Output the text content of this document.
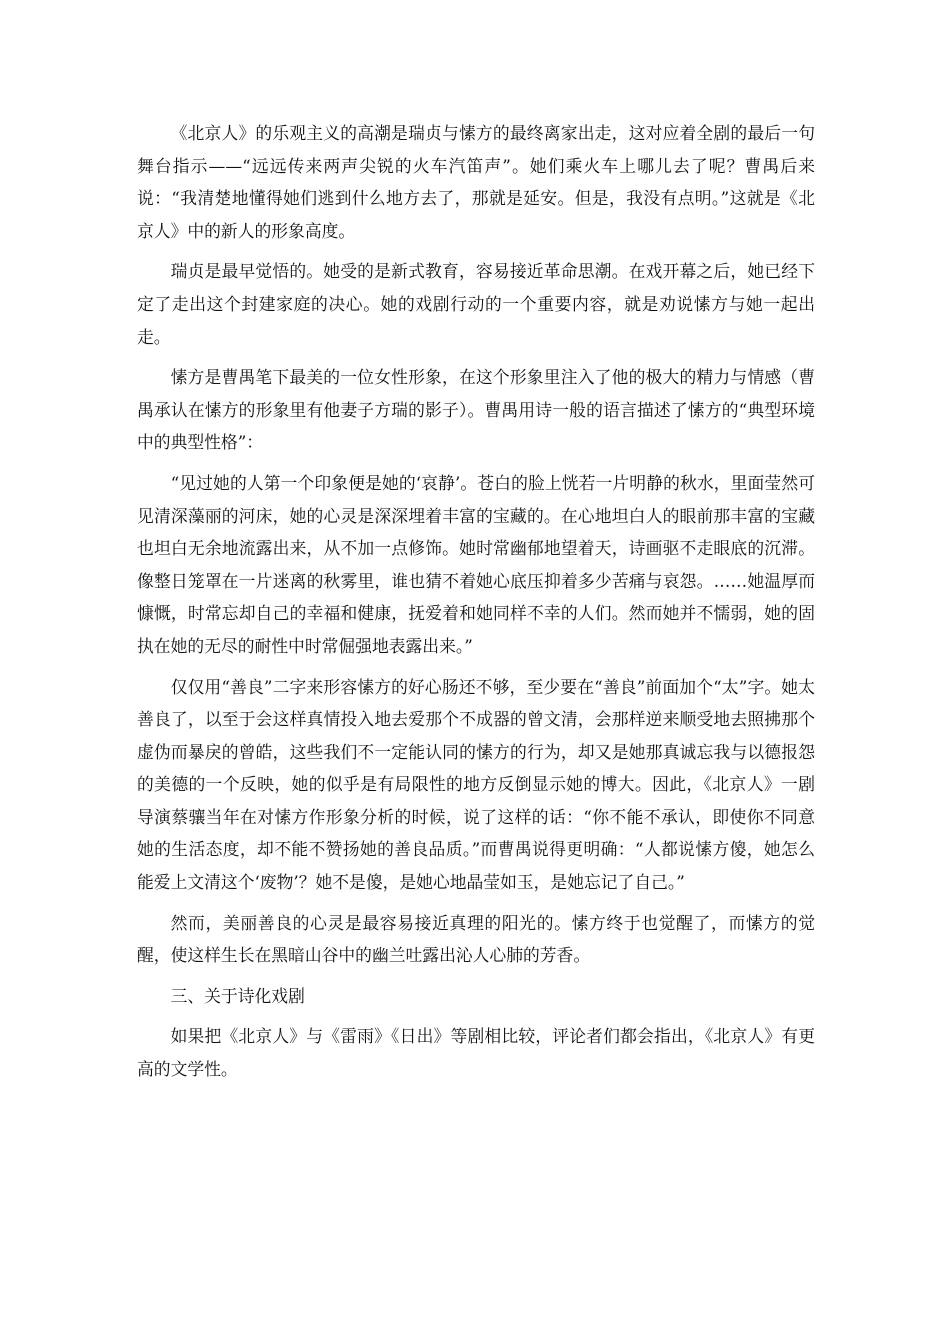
《北京人》的乐观主义的高潮是瑞贞与愫方的最终离家出走，这对应着全剧的最后一句舞台指示——“远远传来两声尖锐的火车汽笛声”。她们乘火车上哪儿去了呢？曹禺后来说：“我清楚地懂得她们逃到什么地方去了，那就是延安。但是，我没有点明。”这就是《北京人》中的新人的形象高度。

瑞贞是最早觉悟的。她受的是新式教育，容易接近革命思潮。在戏开幕之后，她已经下定了走出这个封建家庭的决心。她的戏剧行动的一个重要内容，就是劝说愫方与她一起出走。

愫方是曹禺笔下最美的一位女性形象，在这个形象里注入了他的极大的精力与情感（曹禺承认在愫方的形象里有他妻子方瑞的影子）。曹禺用诗一般的语言描述了愫方的“典型环境中的典型性格”：

“见过她的人第一个印象便是她的‘哀静’。苍白的脸上恍若一片明静的秋水，里面莹然可见清深藻丽的河床，她的心灵是深深埋着丰富的宝藏的。在心地坦白人的眼前那丰富的宝藏也坦白无余地流露出来，从不加一点修饰。她时常幽郁地望着天，诗画驱不走眼底的沉滞。像整日笼罩在一片迷离的秋雾里，谁也猜不着她心底压抑着多少苦痛与哀怨。……她温厚而慷慨，时常忘却自己的幸福和健康，抚爱着和她同样不幸的人们。然而她并不懦弱，她的固执在她的无尽的耐性中时常倔强地表露出来。”

仅仅用“善良”二字来形容愫方的好心肠还不够，至少要在“善良”前面加个“太”字。她太善良了，以至于会这样真情投入地去爱那个不成器的曾文清，会那样逆来顺受地去照拂那个虚伪而暴戾的曾皓，这些我们不一定能认同的愫方的行为，却又是她那真诚忘我与以德报怨的美德的一个反映，她的似乎是有局限性的地方反倒显示她的博大。因此，《北京人》一剧导演蔡骧当年在对愫方作形象分析的时候，说了这样的话：“你不能不承认，即使你不同意她的生活态度，却不能不赞扬她的善良品质。”而曹禺说得更明确：“人都说愫方傻，她怎么能爱上文清这个‘废物’？她不是傻，是她心地晶莹如玉，是她忘记了自己。”

然而，美丽善良的心灵是最容易接近真理的阳光的。愫方终于也觉醒了，而愫方的觉醒，使这样生长在黑暗山谷中的幽兰吐露出沁人心肺的芳香。

三、关于诗化戏剧

如果把《北京人》与《雷雨》《日出》等剧相比较，评论者们都会指出，《北京人》有更高的文学性。
